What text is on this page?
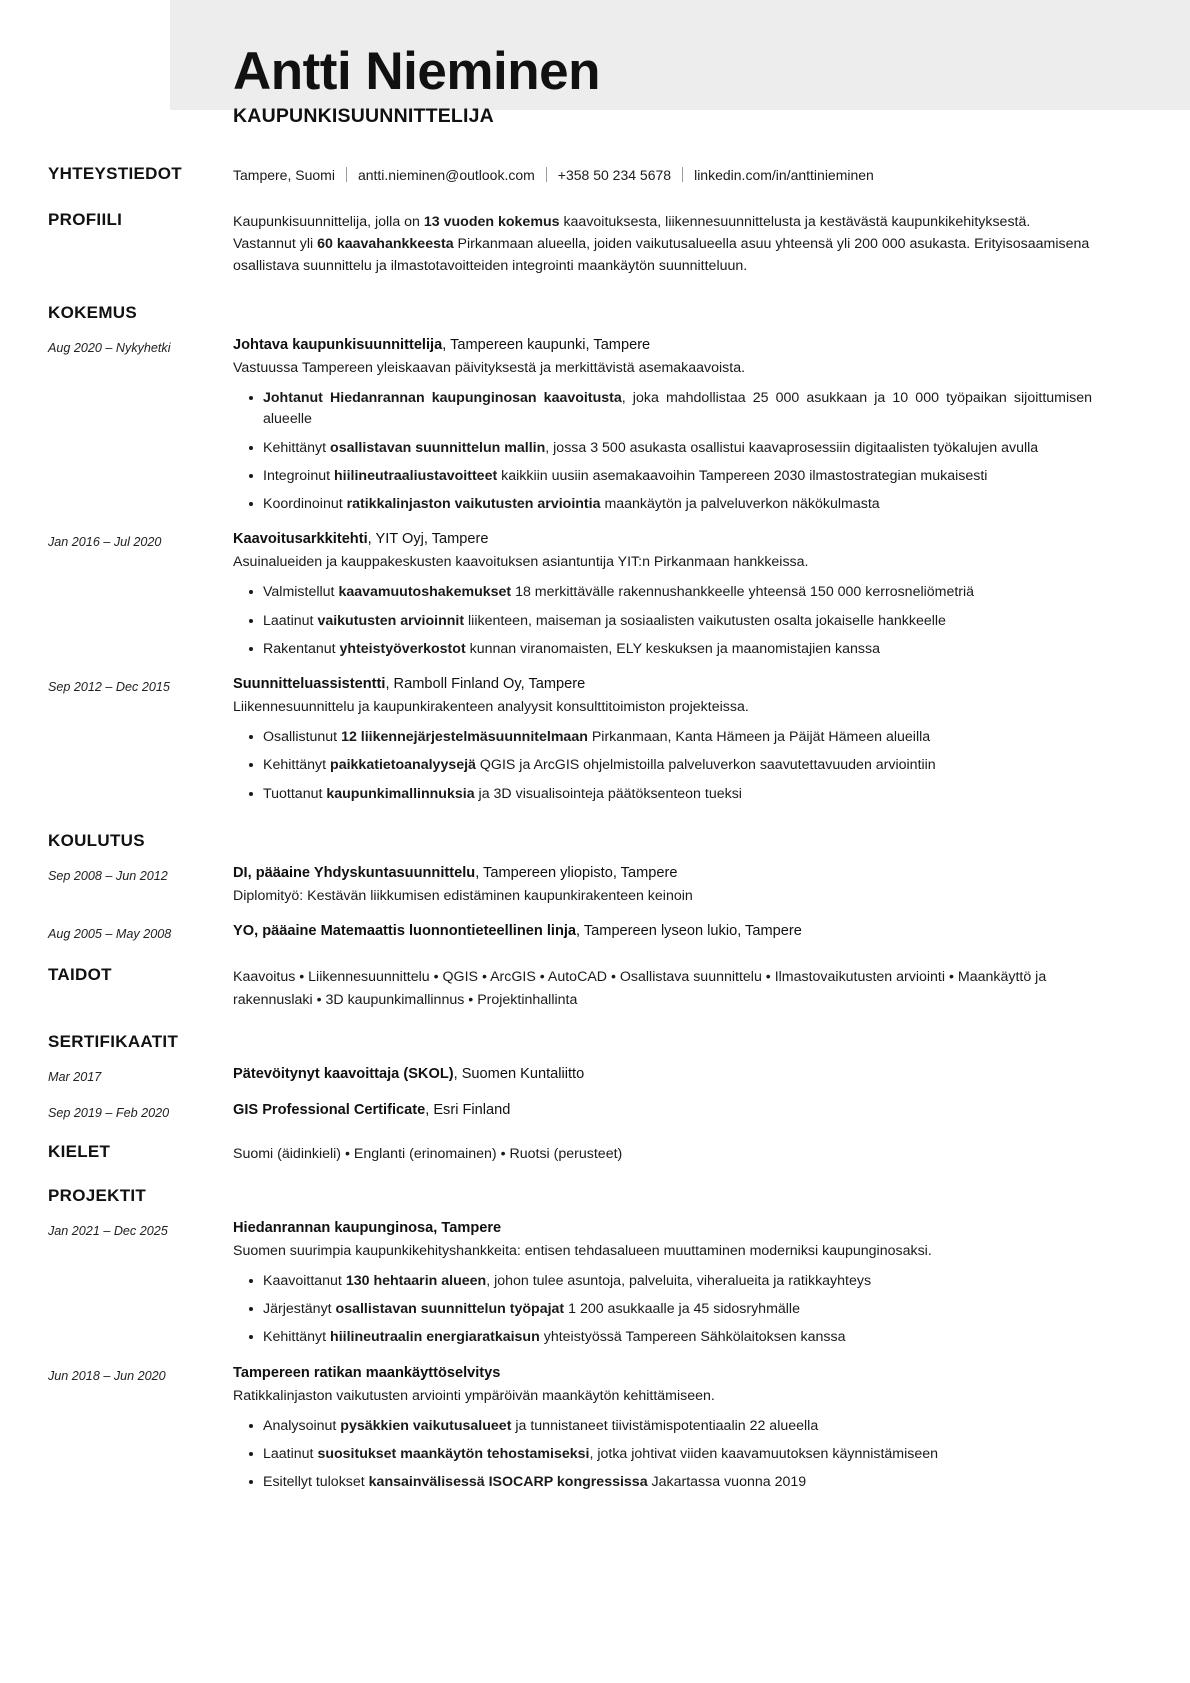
Antti Nieminen
KAUPUNKISUUNNITTELIJA
YHTEYSTIEDOT	Tampere, Suomi antti.nieminen@outlook.com +358 50 234 5678 linkedin.com/in/anttinieminen
PROFIILI	Kaupunkisuunnittelija, jolla on 13 vuoden kokemus kaavoituksesta, liikennesuunnittelusta ja kestävästä kaupunkikehityksestä. Vastannut yli 60 kaavahankkeesta Pirkanmaan alueella, joiden vaikutusalueella asuu yhteensä yli 200 000 asukasta. Erityisosaamisena osallistava suunnittelu ja ilmastotavoitteiden integrointi maankäytön suunnitteluun.
KOKEMUS
Aug 2020 – Nykyhetki	Johtava kaupunkisuunnittelija, Tampereen kaupunki, Tampere
Vastuussa Tampereen yleiskaavan päivityksestä ja merkittävistä asemakaavoista.
Johtanut Hiedanrannan kaupunginosan kaavoitusta, joka mahdollistaa 25 000 asukkaan ja 10 000 työpaikan sijoittumisen alueelle
Kehittänyt osallistavan suunnittelun mallin, jossa 3 500 asukasta osallistui kaavaprosessiin digitaalisten työkalujen avulla
Integroinut hiilineutraaliustavoitteet kaikkiin uusiin asemakaavoihin Tampereen 2030 ilmastostrategian mukaisesti
Koordinoinut ratikkalinjaston vaikutusten arviointia maankäytön ja palveluverkon näkökulmasta
Jan 2016 – Jul 2020	Kaavoitusarkkitehti, YIT Oyj, Tampere
Asuinalueiden ja kauppakeskusten kaavoituksen asiantuntija YIT:n Pirkanmaan hankkeissa.
Valmistellut kaavamuutoshakemukset 18 merkittävälle rakennushankkeelle yhteensä 150 000 kerrosneliömetriä
Laatinut vaikutusten arvioinnit liikenteen, maiseman ja sosiaalisten vaikutusten osalta jokaiselle hankkeelle
Rakentanut yhteistyöverkostot kunnan viranomaisten, ELY keskuksen ja maanomistajien kanssa
Sep 2012 – Dec 2015	Suunnitteluassistentti, Ramboll Finland Oy, Tampere
Liikennesuunnittelu ja kaupunkirakenteen analyysit konsulttitoimiston projekteissa.
Osallistunut 12 liikennejärjestelmäsuunnitelmaan Pirkanmaan, Kanta Hämeen ja Päijät Hämeen alueilla
Kehittänyt paikkatietoanalyysejä QGIS ja ArcGIS ohjelmistoilla palveluverkon saavutettavuuden arviointiin
Tuottanut kaupunkimallinnuksia ja 3D visualisointeja päätöksenteon tueksi
KOULUTUS
Sep 2008 – Jun 2012	DI, pääaine Yhdyskuntasuunnittelu, Tampereen yliopisto, Tampere
Diplomityö: Kestävän liikkumisen edistäminen kaupunkirakenteen keinoin
Aug 2005 – May 2008	YO, pääaine Matemaattis luonnontieteellinen linja, Tampereen lyseon lukio, Tampere
TAIDOT	Kaavoitus • Liikennesuunnittelu • QGIS • ArcGIS • AutoCAD • Osallistava suunnittelu • Ilmastovaikutusten arviointi • Maankäyttö ja rakennuslaki • 3D kaupunkimallinnus • Projektinhallinta
SERTIFIKAATIT
Mar 2017	Pätevöitynyt kaavoittaja (SKOL), Suomen Kuntaliitto
Sep 2019 – Feb 2020	GIS Professional Certificate, Esri Finland
KIELET	Suomi (äidinkieli) • Englanti (erinomainen) • Ruotsi (perusteet)
PROJEKTIT
Jan 2021 – Dec 2025	Hiedanrannan kaupunginosa, Tampere
Suomen suurimpia kaupunkikehityshankkeita: entisen tehdasalueen muuttaminen moderniksi kaupunginosaksi.
Kaavoittanut 130 hehtaarin alueen, johon tulee asuntoja, palveluita, viheralueita ja ratikkayhteys
Järjestänyt osallistavan suunnittelun työpajat 1 200 asukkaalle ja 45 sidosryhmälle
Kehittänyt hiilineutraalin energiaratkaisun yhteistyössä Tampereen Sähkölaitoksen kanssa
Jun 2018 – Jun 2020	Tampereen ratikan maankäyttöselvitys
Ratikkalinjaston vaikutusten arviointi ympäröivän maankäytön kehittämiseen.
Analysoinut pysäkkien vaikutusalueet ja tunnistaneet tiivistämispotentiaalin 22 alueella
Laatinut suositukset maankäytön tehostamiseksi, jotka johtivat viiden kaavamuutoksen käynnistämiseen
Esitellyt tulokset kansainvälisessä ISOCARP kongressissa Jakartassa vuonna 2019
